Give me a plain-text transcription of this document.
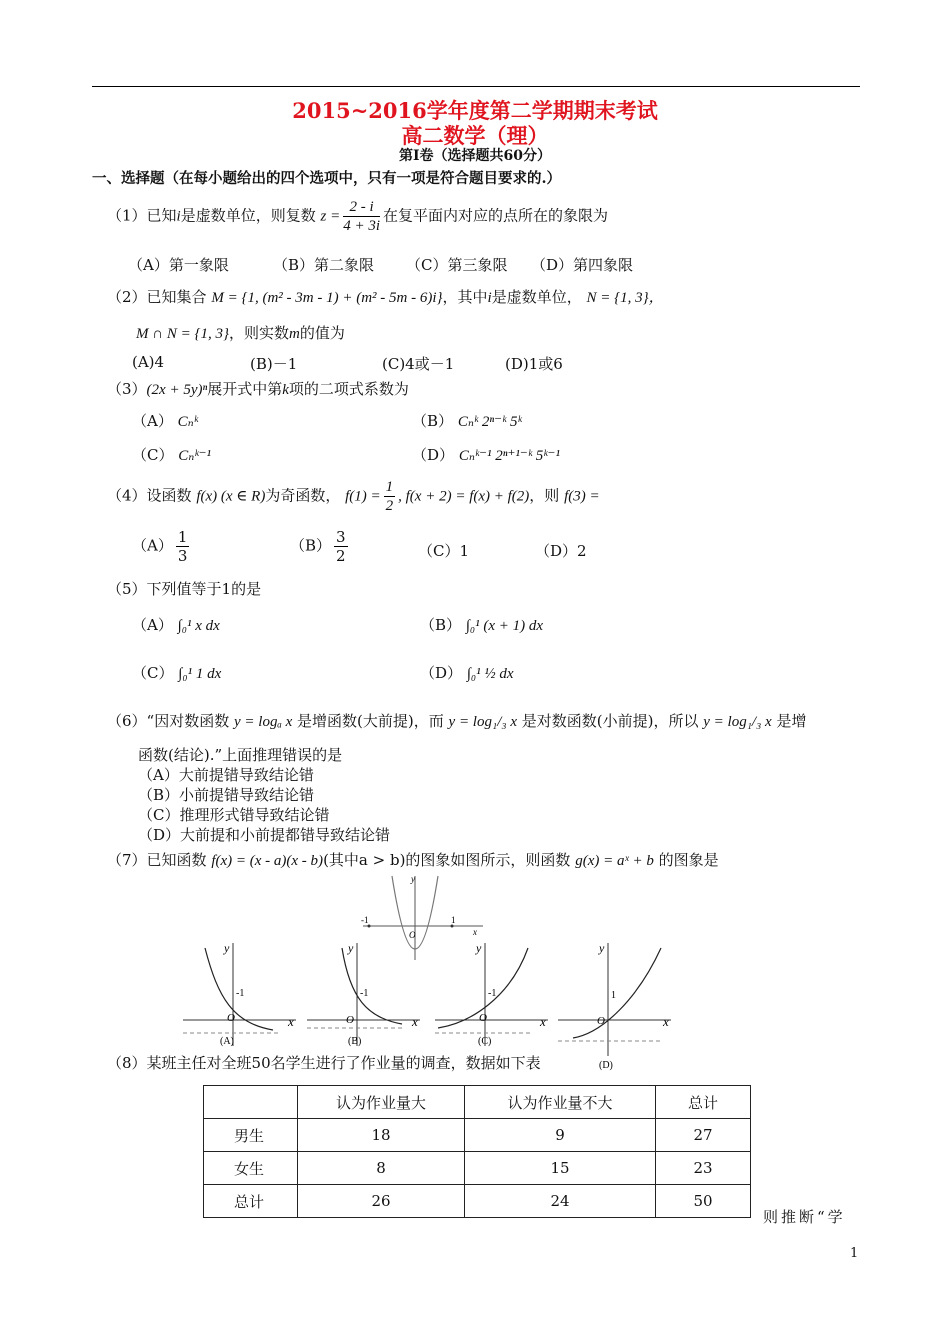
2015~2016学年度第二学期期末考试
高二数学（理）
第Ⅰ卷（选择题共60分）
一、选择题（在每小题给出的四个选项中，只有一项是符合题目要求的.）
（1）已知i是虚数单位，则复数 $z = \frac{2 - i}{4 + 3i}$ 在复平面内对应的点所在的象限为
（A）第一象限	（B）第二象限 （C）第三象限 （D）第四象限
（2）已知集合 M = {1, (m² - 3m - 1) + (m² - 5m - 6)i}，其中i是虚数单位， N = {1, 3}，
M ∩ N = {1, 3}，则实数m的值为
(A)4	(B)－1	(C)4或－1	(D)1或6
（3）(2x + 5y)ⁿ展开式中第k项的二项式系数为
（A） Cₙᵏ	（B） Cₙᵏ 2ⁿ⁻ᵏ 5ᵏ
（C） Cₙᵏ⁻¹	（D） Cₙᵏ⁻¹ 2ⁿ⁺¹⁻ᵏ 5ᵏ⁻¹
（4）设函数 f(x) (x ∈ R)为奇函数， $f(1) = \frac{1}{2}$ , f(x + 2) = f(x) + f(2)，则 f(3) =
$(A) \frac{1}{3}$	$(B) \frac{3}{2}$	（C）1	（D）2
（5）下列值等于1的是
（A） ∫₀¹ x dx	（B） ∫₀¹ (x + 1) dx
（C） ∫₀¹ 1 dx	（D） ∫₀¹ ½ dx
（6）“因对数函数 y = logₐ x 是增函数(大前提)，而 y = log₁/₃ x 是对数函数(小前提)，所以 y = log₁/₃ x 是增
函数(结论).”上面推理错误的是
（A）大前提错导致结论错
（B）小前提错导致结论错
（C）推理形式错导致结论错
（D）大前提和小前提都错导致结论错
（7）已知函数 f(x) = (x - a)(x - b)(其中a > b)的图象如图所示，则函数 g(x) = aˣ + b 的图象是
y
x
O
-1	1
y
x
O
-1
(A)
y
x
O
-1
(B)
y
x
O
-1
(C)
y
x
O
1
(D)
（8）某班主任对全班50名学生进行了作业量的调查，数据如下表
	认为作业量大	认为作业量不大	总计
男生	18	9	27
女生	8	15	23
总计	26	24	50
则推断“学
1
